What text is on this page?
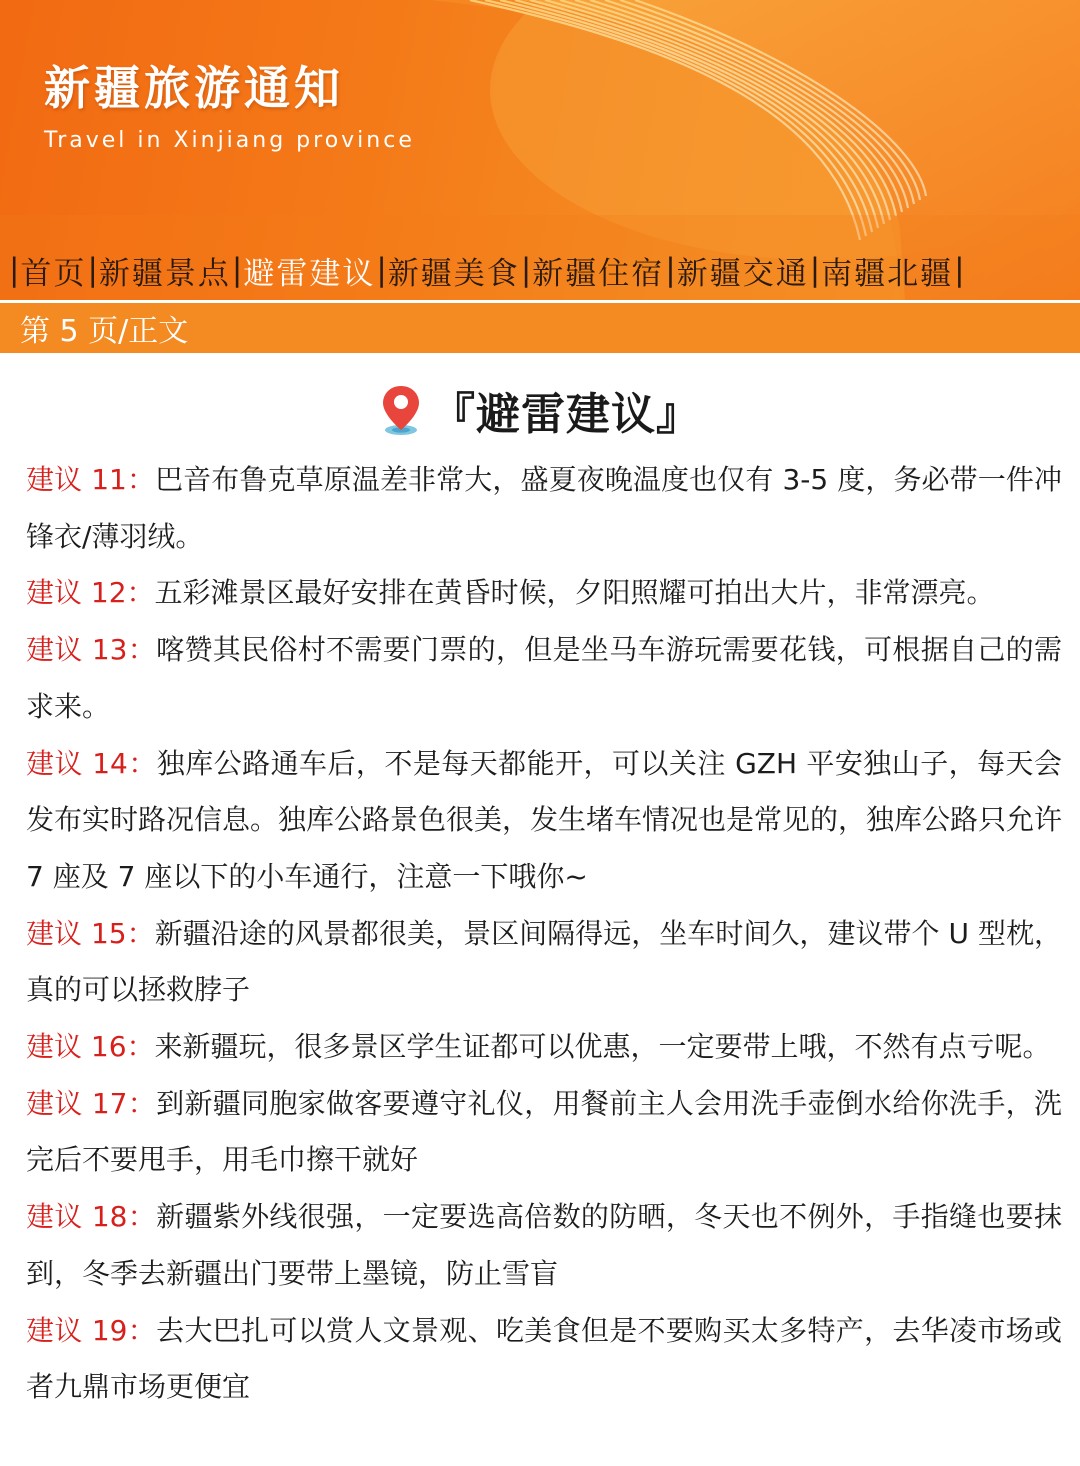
新疆旅游通知

Travel in Xinjiang province

| 首页 | 新疆景点 | 避雷建议 | 新疆美食 | 新疆住宿 | 新疆交通 | 南疆北疆 |
第 5 页/正文
『避雷建议』
建议 11：巴音布鲁克草原温差非常大，盛夏夜晚温度也仅有 3-5 度，务必带一件冲锋衣/薄羽绒。
建议 12：五彩滩景区最好安排在黄昏时候，夕阳照耀可拍出大片，非常漂亮。
建议 13：喀赞其民俗村不需要门票的，但是坐马车游玩需要花钱，可根据自己的需求来。
建议 14：独库公路通车后，不是每天都能开，可以关注 GZH 平安独山子，每天会发布实时路况信息。独库公路景色很美，发生堵车情况也是常见的，独库公路只允许 7 座及 7 座以下的小车通行，注意一下哦你~
建议 15：新疆沿途的风景都很美，景区间隔得远，坐车时间久，建议带个 U 型枕，真的可以拯救脖子
建议 16：来新疆玩，很多景区学生证都可以优惠，一定要带上哦，不然有点亏呢。
建议 17：到新疆同胞家做客要遵守礼仪，用餐前主人会用洗手壶倒水给你洗手，洗完后不要甩手，用毛巾擦干就好
建议 18：新疆紫外线很强，一定要选高倍数的防晒，冬天也不例外，手指缝也要抹到，冬季去新疆出门要带上墨镜，防止雪盲
建议 19：去大巴扎可以赏人文景观、吃美食但是不要购买太多特产，去华凌市场或者九鼎市场更便宜
